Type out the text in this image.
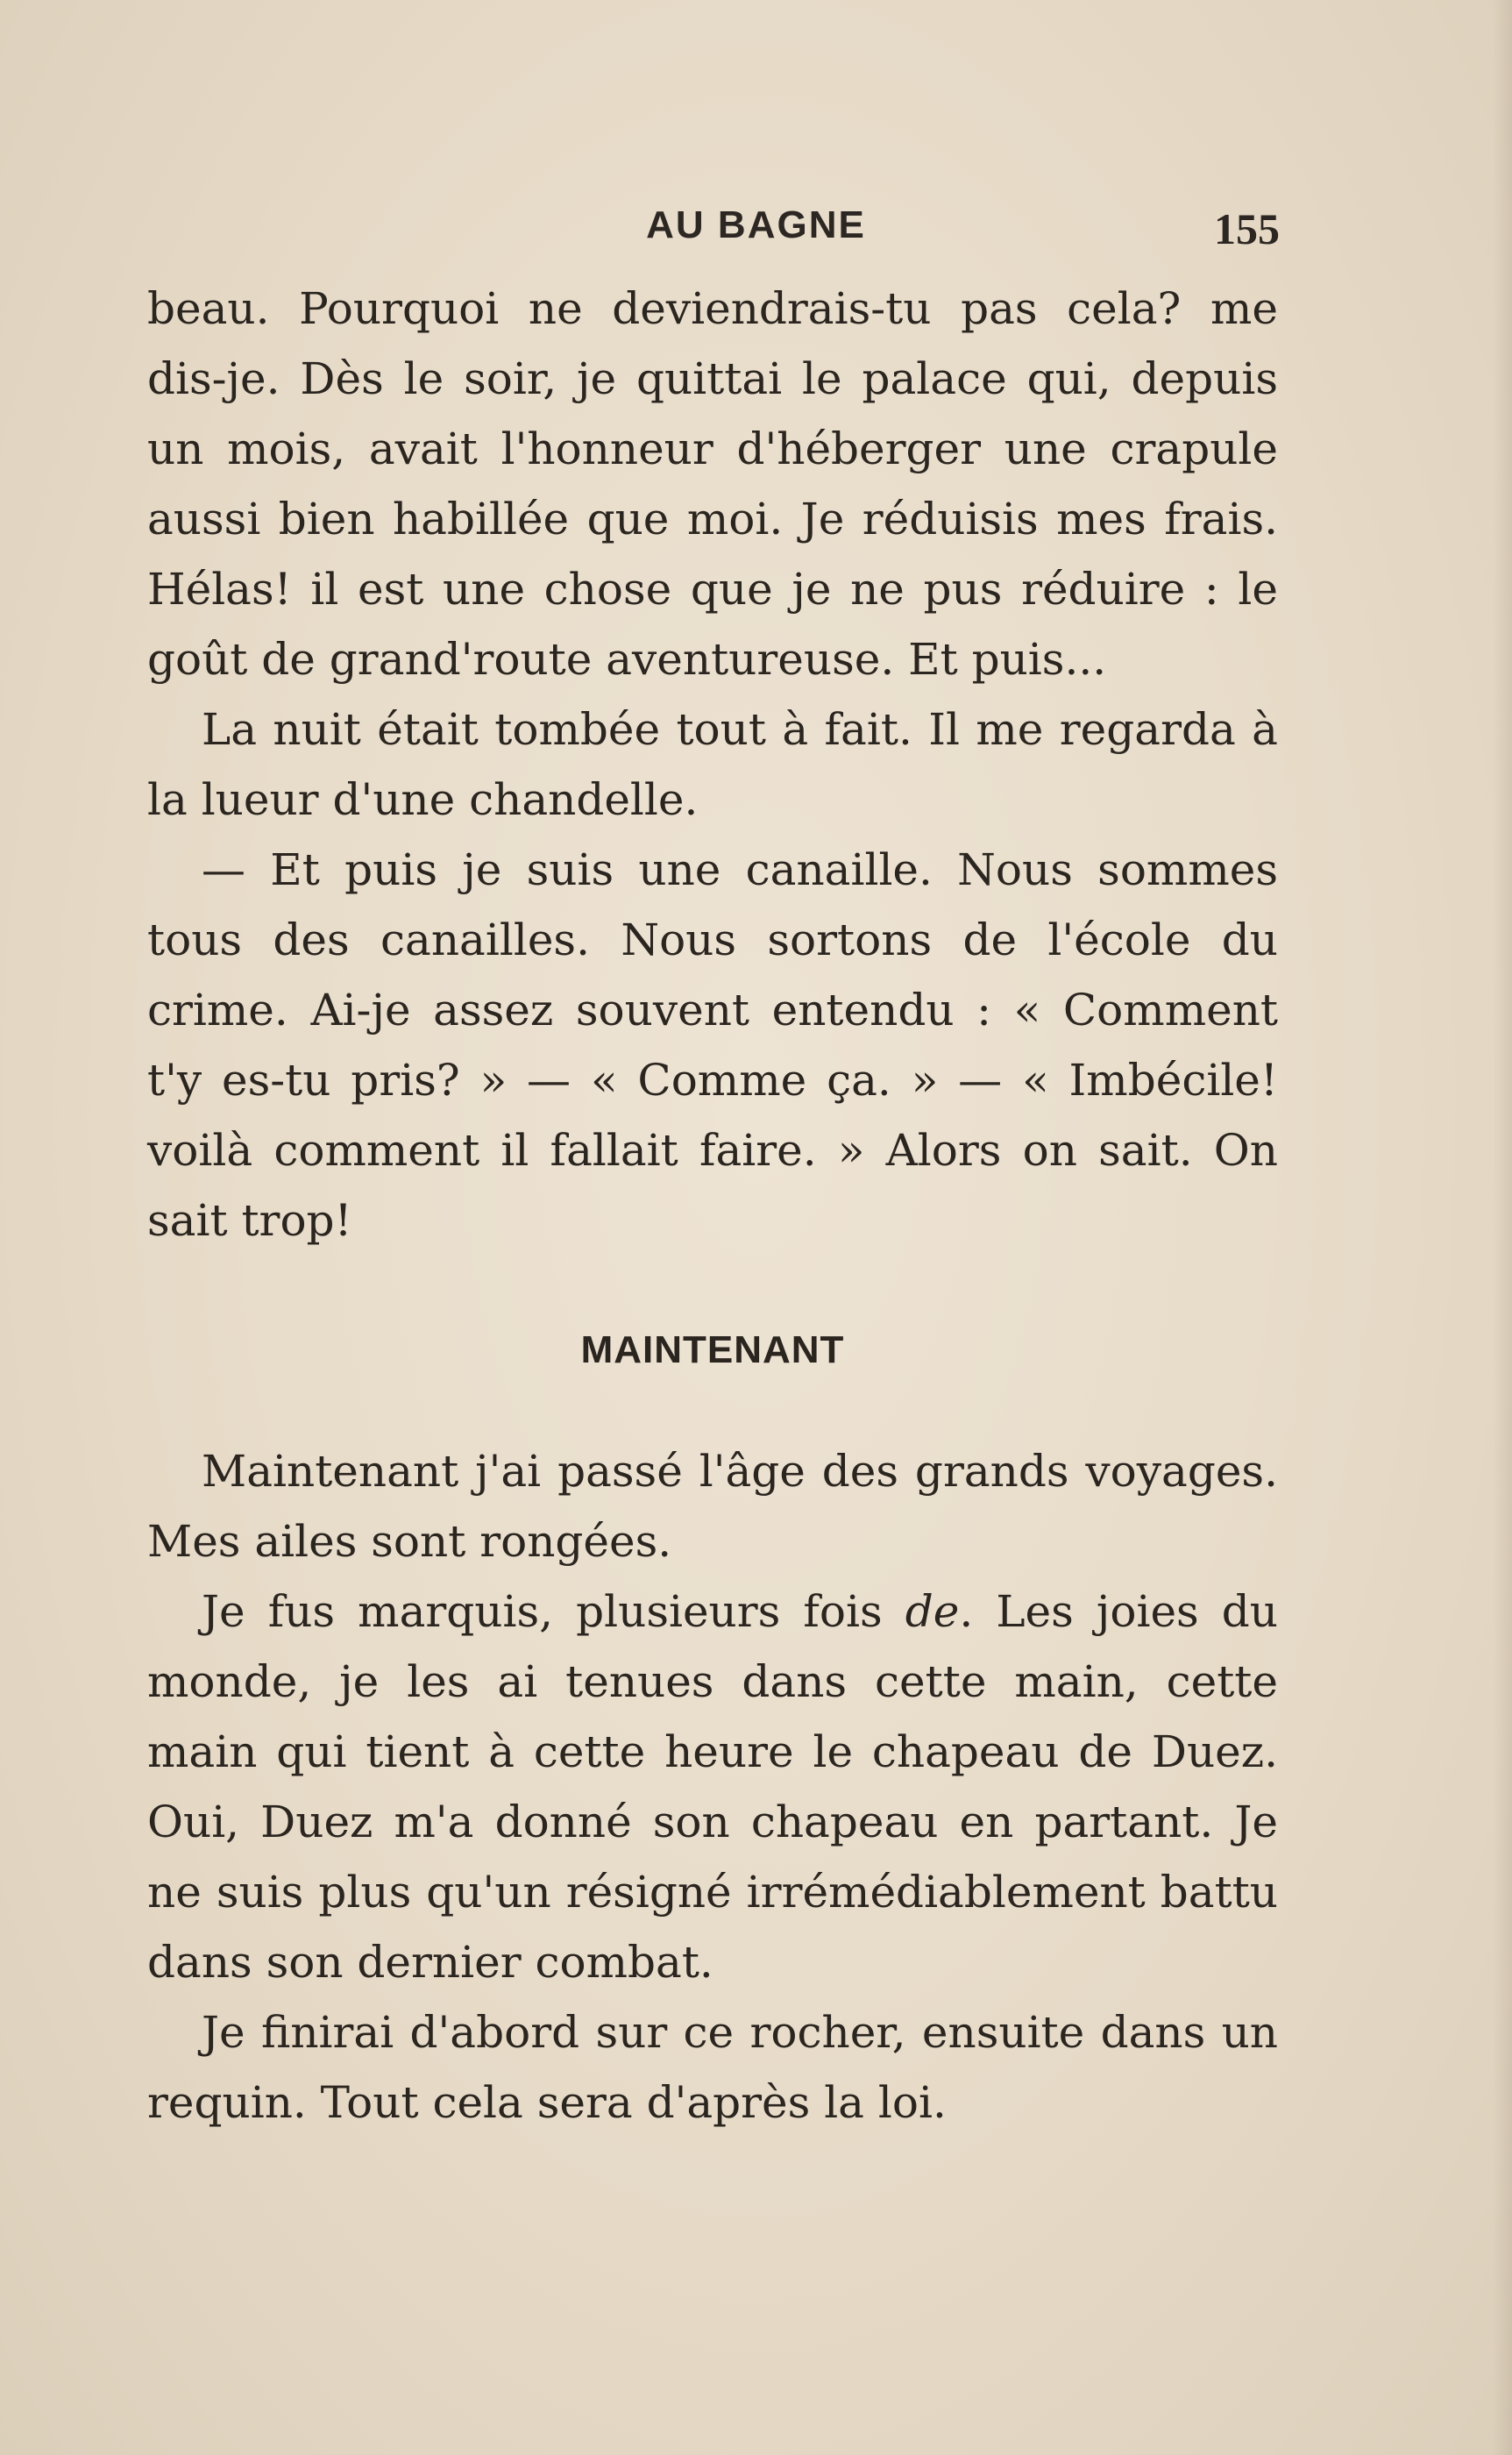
AU BAGNE	155

beau. Pourquoi ne deviendrais-tu pas cela? me dis-je. Dès le soir, je quittai le palace qui, depuis un mois, avait l'honneur d'héberger une crapule aussi bien habillée que moi. Je réduisis mes frais. Hélas! il est une chose que je ne pus réduire : le goût de grand'route aventureuse. Et puis...

La nuit était tombée tout à fait. Il me regarda à la lueur d'une chandelle.

— Et puis je suis une canaille. Nous sommes tous des canailles. Nous sortons de l'école du crime. Ai-je assez souvent entendu : « Comment t'y es-tu pris? » — « Comme ça. » — « Imbécile! voilà comment il fallait faire. » Alors on sait. On sait trop!

MAINTENANT

Maintenant j'ai passé l'âge des grands voyages. Mes ailes sont rongées.

Je fus marquis, plusieurs fois de. Les joies du monde, je les ai tenues dans cette main, cette main qui tient à cette heure le chapeau de Duez. Oui, Duez m'a donné son chapeau en partant. Je ne suis plus qu'un résigné irrémédiablement battu dans son dernier combat.

Je finirai d'abord sur ce rocher, ensuite dans un requin. Tout cela sera d'après la loi.
